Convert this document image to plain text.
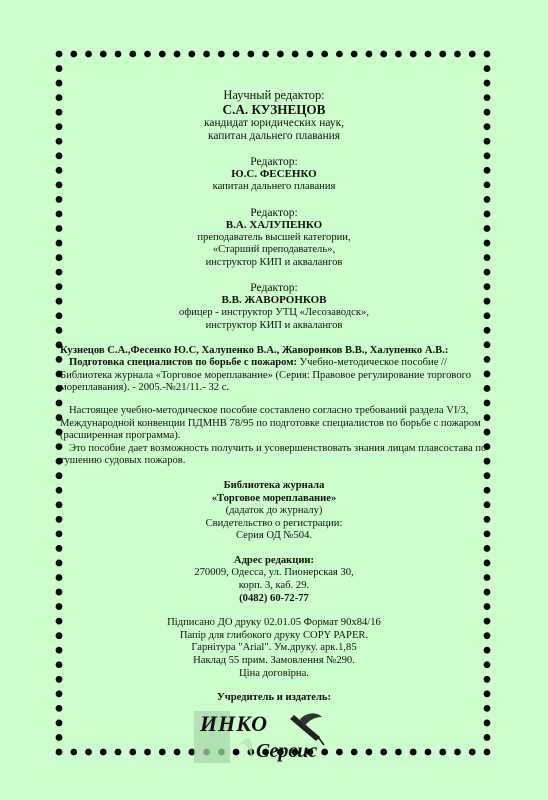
Научный редактор:
С.А. КУЗНЕЦОВ
кандидат юридических наук,
капитан дальнего плавания
Редактор:
Ю.С. ФЕСЕНКО
капитан дальнего плавания
Редактор:
В.А. ХАЛУПЕНКО
преподаватель высшей категории,
«Старший преподаватель»,
инструктор КИП и аквалангов
Редактор:
В.В. ЖАВОРОНКОВ
офицер - инструктор УТЦ «Лесозаводск»,
инструктор КИП и аквалангов
Кузнецов С.А.,Фесенко Ю.С, Халупенко В.А., Жаворонков В.В., Халупенко А.В.:
Подготовка специалистов по борьбе с пожаром: Учебно-методическое пособие // Библиотека журнала «Торговое мореплавание» (Серия: Правовое регулирование торгового мореплавания). - 2005.-№21/11.- 32 с.

Настоящее учебно-методическое пособие составлено согласно требований раздела VI/3, Международной конвенции ПДМНВ 78/95 по подготовке специалистов по борьбе с пожаром (расширенная программа).

Это пособие дает возможность получить и усовершенствовать знания лицам плавсостава по тушению судовых пожаров.

Библиотека журнала
«Торговое мореплавание»
(дадаток до журналу)
Свидетельство о регистрации:
Серия ОД №504.
Адрес редакции:
270009, Одесса, ул. Пионерская 30,
корп. 3, каб. 29.
(0482) 60-72-77
Підписано ДО друку 02.01.05 Формат 90х84/16
Папір для глибокого друку COPY PAPER.
Гарнітура "Arial". Ум.друку. арк.1,85
Наклад 55 прим. Замовлення №290.
Ціна договірна.
Учредитель и издатель:
ИНКО
Сервис
